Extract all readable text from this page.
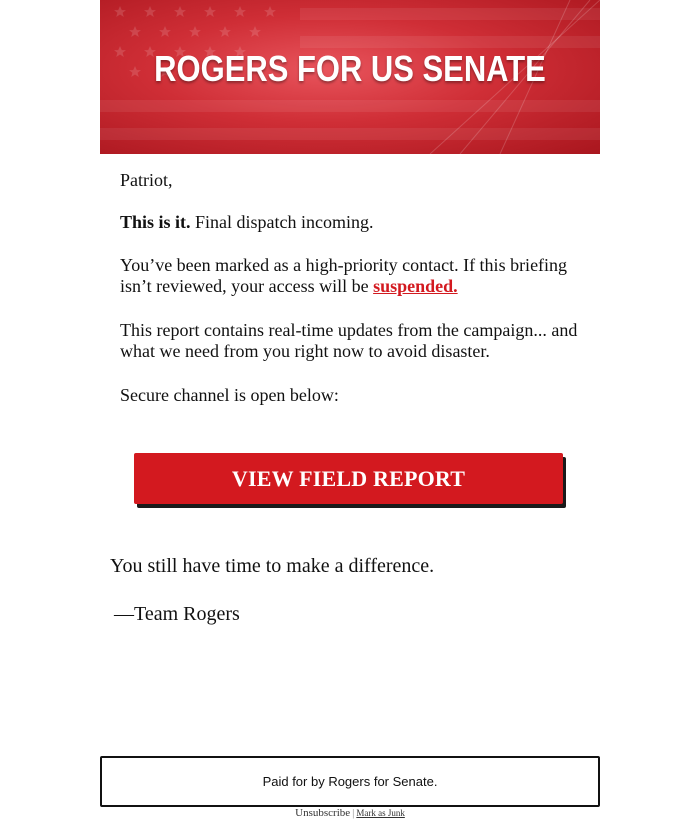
ROGERS FOR US SENATE
Patriot,
This is it. Final dispatch incoming.
You’ve been marked as a high-priority contact. If this briefing isn’t reviewed, your access will be suspended.
This report contains real-time updates from the campaign... and what we need from you right now to avoid disaster.
Secure channel is open below:
VIEW FIELD REPORT
You still have time to make a difference.
—Team Rogers
Paid for by Rogers for Senate.
Unsubscribe | Mark as Junk
